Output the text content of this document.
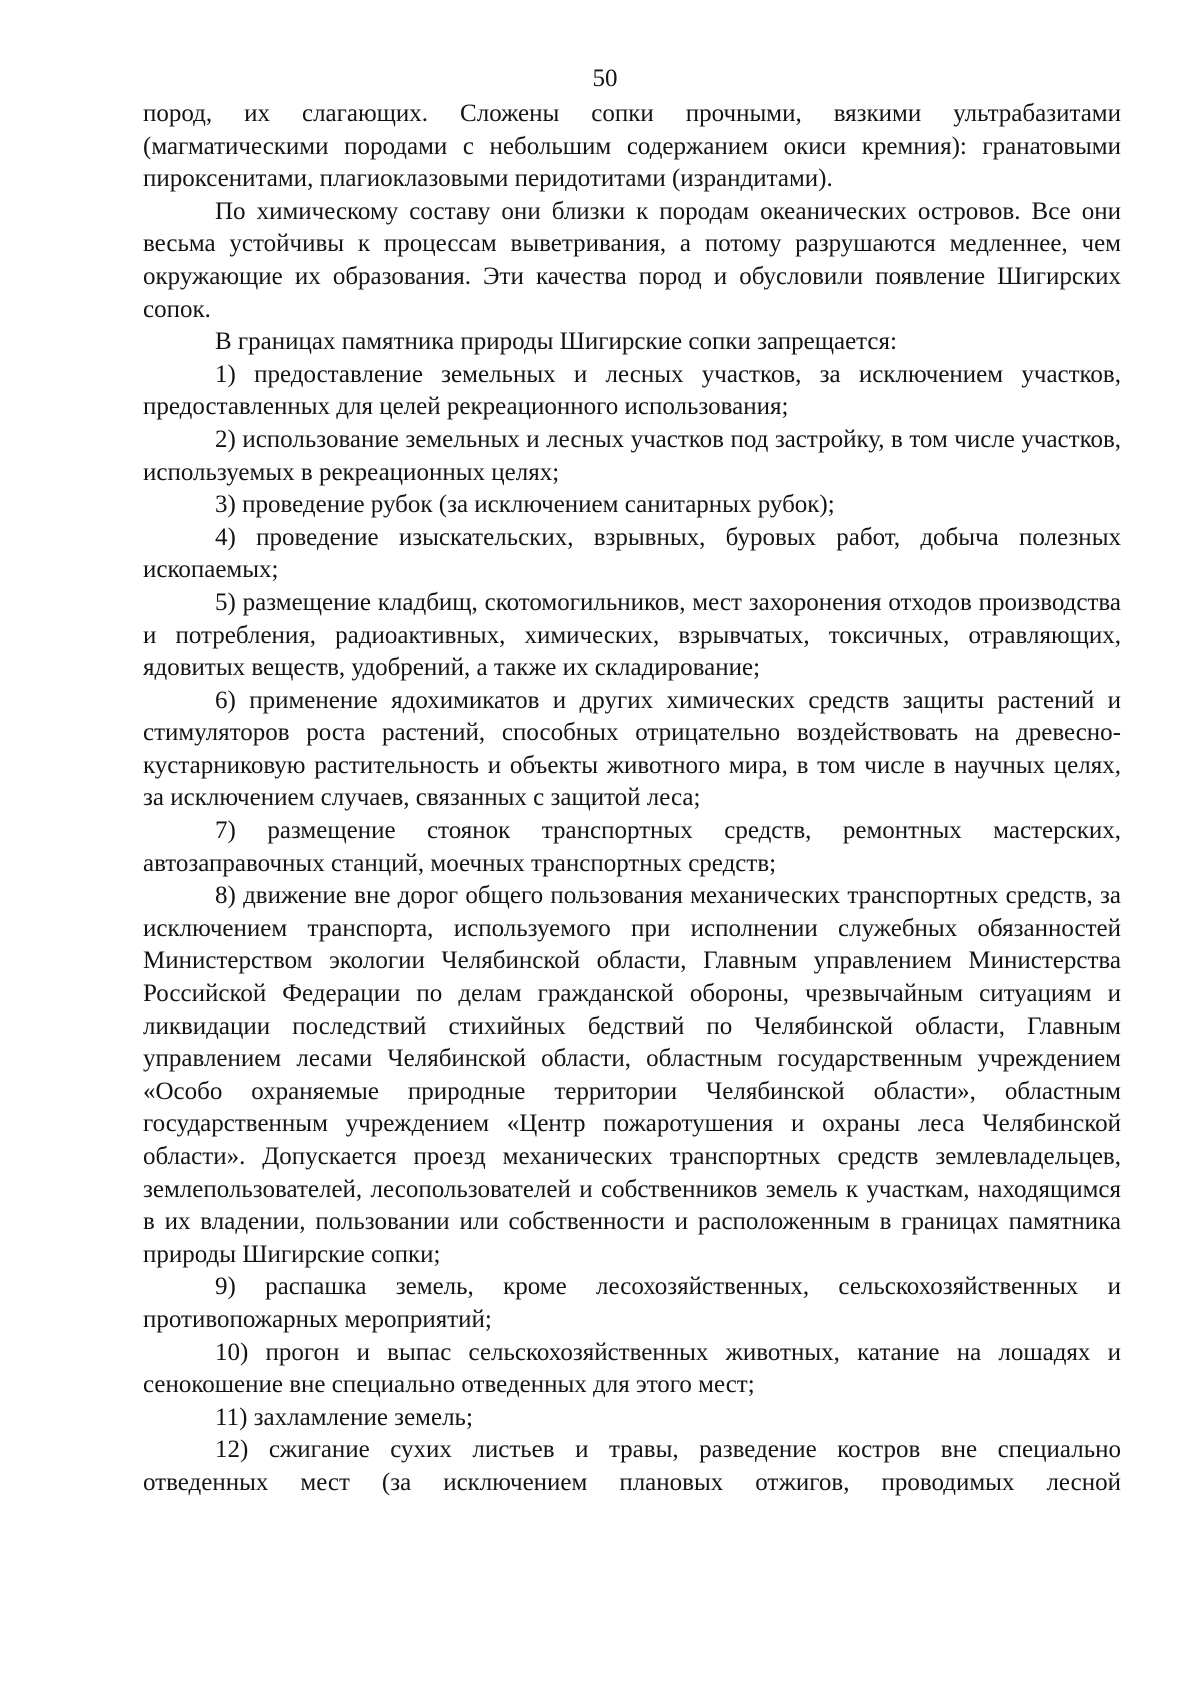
50

пород, их слагающих. Сложены сопки прочными, вязкими ультрабазитами (магматическими породами с небольшим содержанием окиси кремния): гранатовыми пироксенитами, плагиоклазовыми перидотитами (израндитами).

По химическому составу они близки к породам океанических островов. Все они весьма устойчивы к процессам выветривания, а потому разрушаются медленнее, чем окружающие их образования. Эти качества пород и обусловили появление Шигирских сопок.

В границах памятника природы Шигирские сопки запрещается:

1) предоставление земельных и лесных участков, за исключением участков, предоставленных для целей рекреационного использования;

2) использование земельных и лесных участков под застройку, в том числе участков, используемых в рекреационных целях;

3) проведение рубок (за исключением санитарных рубок);

4) проведение изыскательских, взрывных, буровых работ, добыча полезных ископаемых;

5) размещение кладбищ, скотомогильников, мест захоронения отходов производства и потребления, радиоактивных, химических, взрывчатых, токсичных, отравляющих, ядовитых веществ, удобрений, а также их складирование;

6) применение ядохимикатов и других химических средств защиты растений и стимуляторов роста растений, способных отрицательно воздействовать на древесно-кустарниковую растительность и объекты животного мира, в том числе в научных целях, за исключением случаев, связанных с защитой леса;

7) размещение стоянок транспортных средств, ремонтных мастерских, автозаправочных станций, моечных транспортных средств;

8) движение вне дорог общего пользования механических транспортных средств, за исключением транспорта, используемого при исполнении служебных обязанностей Министерством экологии Челябинской области, Главным управлением Министерства Российской Федерации по делам гражданской обороны, чрезвычайным ситуациям и ликвидации последствий стихийных бедствий по Челябинской области, Главным управлением лесами Челябинской области, областным государственным учреждением «Особо охраняемые природные территории Челябинской области», областным государственным учреждением «Центр пожаротушения и охраны леса Челябинской области». Допускается проезд механических транспортных средств землевладельцев, землепользователей, лесопользователей и собственников земель к участкам, находящимся в их владении, пользовании или собственности и расположенным в границах памятника природы Шигирские сопки;

9) распашка земель, кроме лесохозяйственных, сельскохозяйственных и противопожарных мероприятий;

10) прогон и выпас сельскохозяйственных животных, катание на лошадях и сенокошение вне специально отведенных для этого мест;

11) захламление земель;

12) сжигание сухих листьев и травы, разведение костров вне специально отведенных мест (за исключением плановых отжигов, проводимых лесной
